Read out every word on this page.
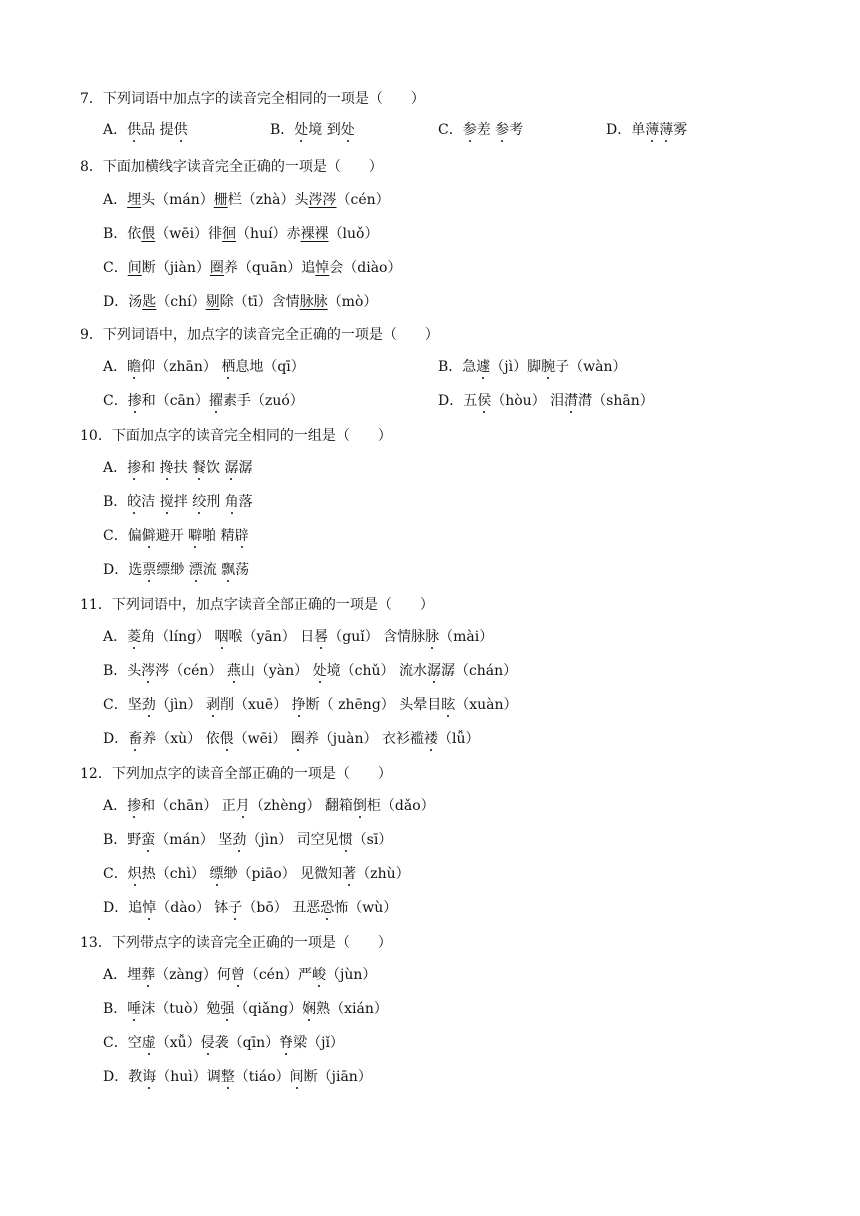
7．下列词语中加点字的读音完全相同的一项是（　　）
A．供品 提供	B．处境 到处	C．参差 参考	D．单薄薄雾
8．下面加横线字读音完全正确的一项是（　　）
A．埋头（mán）栅栏（zhà）头涔涔（cén）
B．依偎（wēi）徘徊（huí）赤裸裸（luǒ）
C．间断（jiàn）圈养（quān）追悼会（diào）
D．汤匙（chí）剔除（tī）含情脉脉（mò）
9．下列词语中，加点字的读音完全正确的一项是（　　）
A．瞻仰（zhān） 栖息地（qī）	B．急遽（jì）脚腕子（wàn）
C．掺和（cān）擢素手（zuó）	D．五侯（hòu） 泪潸潸（shān）
10．下面加点字的读音完全相同的一组是（　　）
A．掺和 搀扶 餐饮 潺潺
B．皎洁 搅拌 绞刑 角落
C．偏僻避开 噼啪 精辟
D．选票缥缈 漂流 飘荡
11．下列词语中，加点字读音全部正确的一项是（　　）
A．菱角（líng） 咽喉（yān） 日晷（guǐ） 含情脉脉（mài）
B．头涔涔（cén） 燕山（yàn） 处境（chǔ） 流水潺潺（chán）
C．坚劲（jìn） 剥削（xuē） 挣断（ zhēng） 头晕目眩（xuàn）
D．畜养（xù） 依偎（wēi） 圈养（juàn） 衣衫褴褛（lǚ）
12．下列加点字的读音全部正确的一项是（　　）
A．掺和（chān） 正月（zhèng） 翻箱倒柜（dǎo）
B．野蛮（mán） 坚劲（jìn） 司空见惯（sī）
C．炽热（chì） 缥缈（piāo） 见微知著（zhù）
D．追悼（dào） 钵子（bō） 丑恶恐怖（wù）
13．下列带点字的读音完全正确的一项是（　　）
A．埋葬（zàng）何曾（cén）严峻（jùn）
B．唾沫（tuò）勉强（qiǎng）娴熟（xián）
C．空虚（xǚ）侵袭（qīn）脊梁（jǐ）
D．教诲（huì）调整（tiáo）间断（jiān）
